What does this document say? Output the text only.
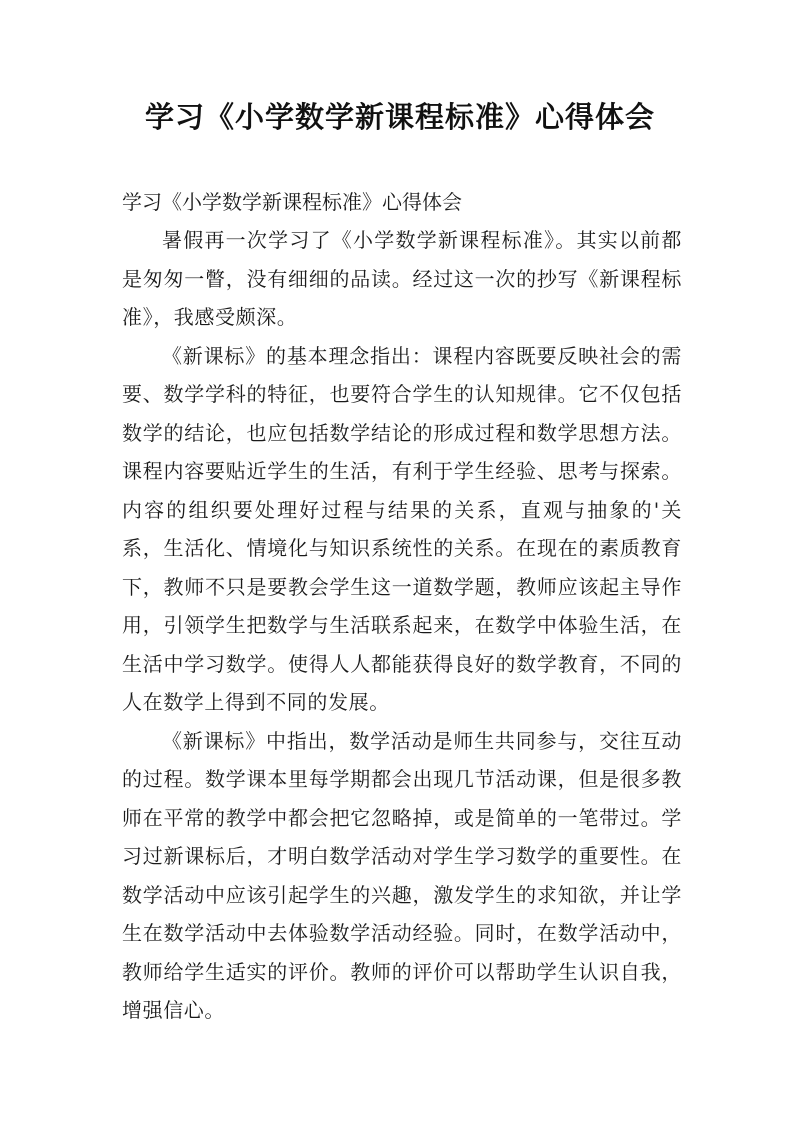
学习《小学数学新课程标准》心得体会

学习《小学数学新课程标准》心得体会

暑假再一次学习了《小学数学新课程标准》。其实以前都是匆匆一瞥，没有细细的品读。经过这一次的抄写《新课程标准》，我感受颇深。

《新课标》的基本理念指出：课程内容既要反映社会的需要、数学学科的特征，也要符合学生的认知规律。它不仅包括数学的结论，也应包括数学结论的形成过程和数学思想方法。课程内容要贴近学生的生活，有利于学生经验、思考与探索。内容的组织要处理好过程与结果的关系，直观与抽象的'关系，生活化、情境化与知识系统性的关系。在现在的素质教育下，教师不只是要教会学生这一道数学题，教师应该起主导作用，引领学生把数学与生活联系起来，在数学中体验生活，在生活中学习数学。使得人人都能获得良好的数学教育，不同的人在数学上得到不同的发展。

《新课标》中指出，数学活动是师生共同参与，交往互动的过程。数学课本里每学期都会出现几节活动课，但是很多教师在平常的教学中都会把它忽略掉，或是简单的一笔带过。学习过新课标后，才明白数学活动对学生学习数学的重要性。在数学活动中应该引起学生的兴趣，激发学生的求知欲，并让学生在数学活动中去体验数学活动经验。同时，在数学活动中，教师给学生适实的评价。教师的评价可以帮助学生认识自我，增强信心。
